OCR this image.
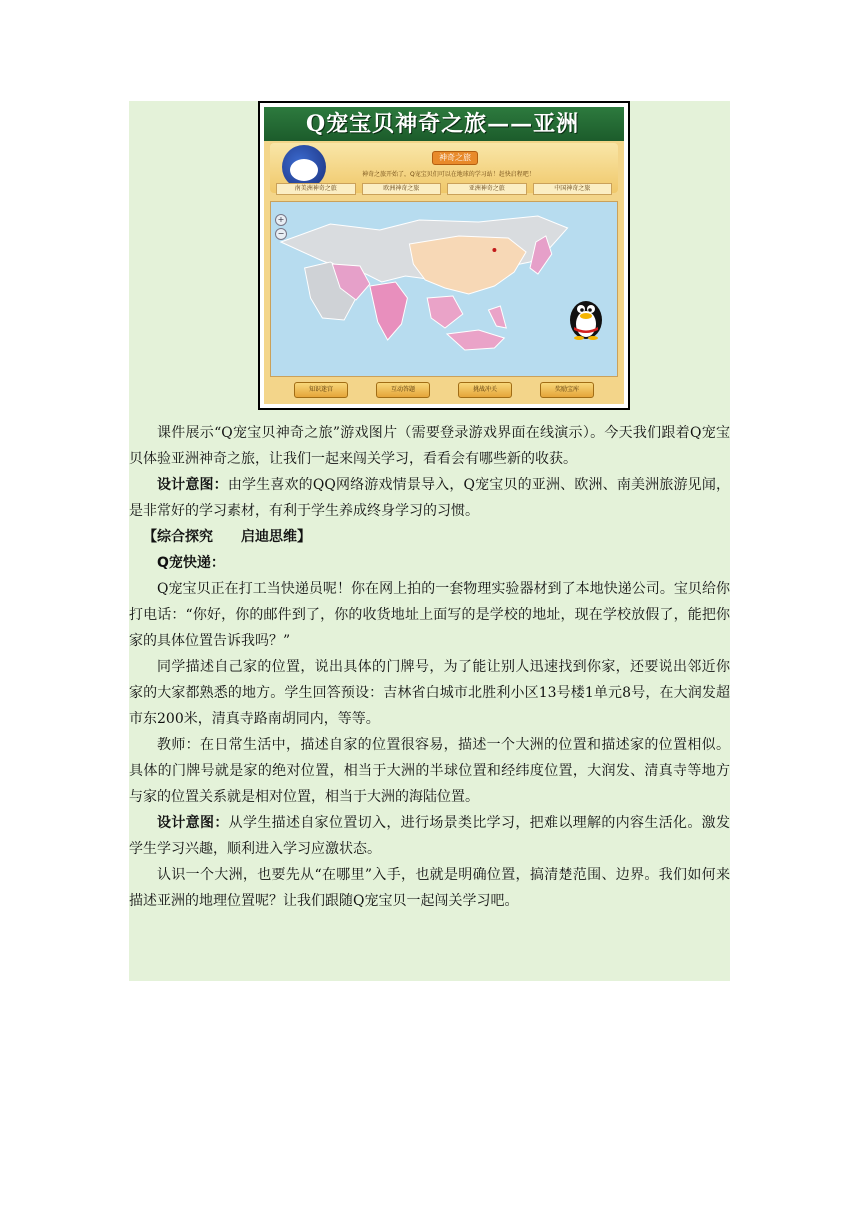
Q宠宝贝神奇之旅——亚洲
神奇之旅
神奇之旅开始了，Q宠宝贝们可以在地球的学习站！赶快启程吧！
南美洲神奇之旅	欧洲神奇之旅	亚洲神奇之旅	中国神奇之旅
+
−
知识迷宫	互动答题	挑战冲关	奖励宝库

课件展示“Q宠宝贝神奇之旅”游戏图片（需要登录游戏界面在线演示）。今天我们跟着Q宠宝贝体验亚洲神奇之旅，让我们一起来闯关学习，看看会有哪些新的收获。

设计意图：由学生喜欢的QQ网络游戏情景导入，Q宠宝贝的亚洲、欧洲、南美洲旅游见闻，是非常好的学习素材，有利于学生养成终身学习的习惯。

【综合探究　　启迪思维】

Q宠快递：

Q宠宝贝正在打工当快递员呢！你在网上拍的一套物理实验器材到了本地快递公司。宝贝给你打电话：“你好，你的邮件到了，你的收货地址上面写的是学校的地址，现在学校放假了，能把你家的具体位置告诉我吗？”

同学描述自己家的位置，说出具体的门牌号，为了能让别人迅速找到你家，还要说出邻近你家的大家都熟悉的地方。学生回答预设：吉林省白城市北胜利小区13号楼1单元8号，在大润发超市东200米，清真寺路南胡同内，等等。

教师：在日常生活中，描述自家的位置很容易，描述一个大洲的位置和描述家的位置相似。具体的门牌号就是家的绝对位置，相当于大洲的半球位置和经纬度位置，大润发、清真寺等地方与家的位置关系就是相对位置，相当于大洲的海陆位置。

设计意图：从学生描述自家位置切入，进行场景类比学习，把难以理解的内容生活化。激发学生学习兴趣，顺利进入学习应激状态。

认识一个大洲，也要先从“在哪里”入手，也就是明确位置，搞清楚范围、边界。我们如何来描述亚洲的地理位置呢？让我们跟随Q宠宝贝一起闯关学习吧。
